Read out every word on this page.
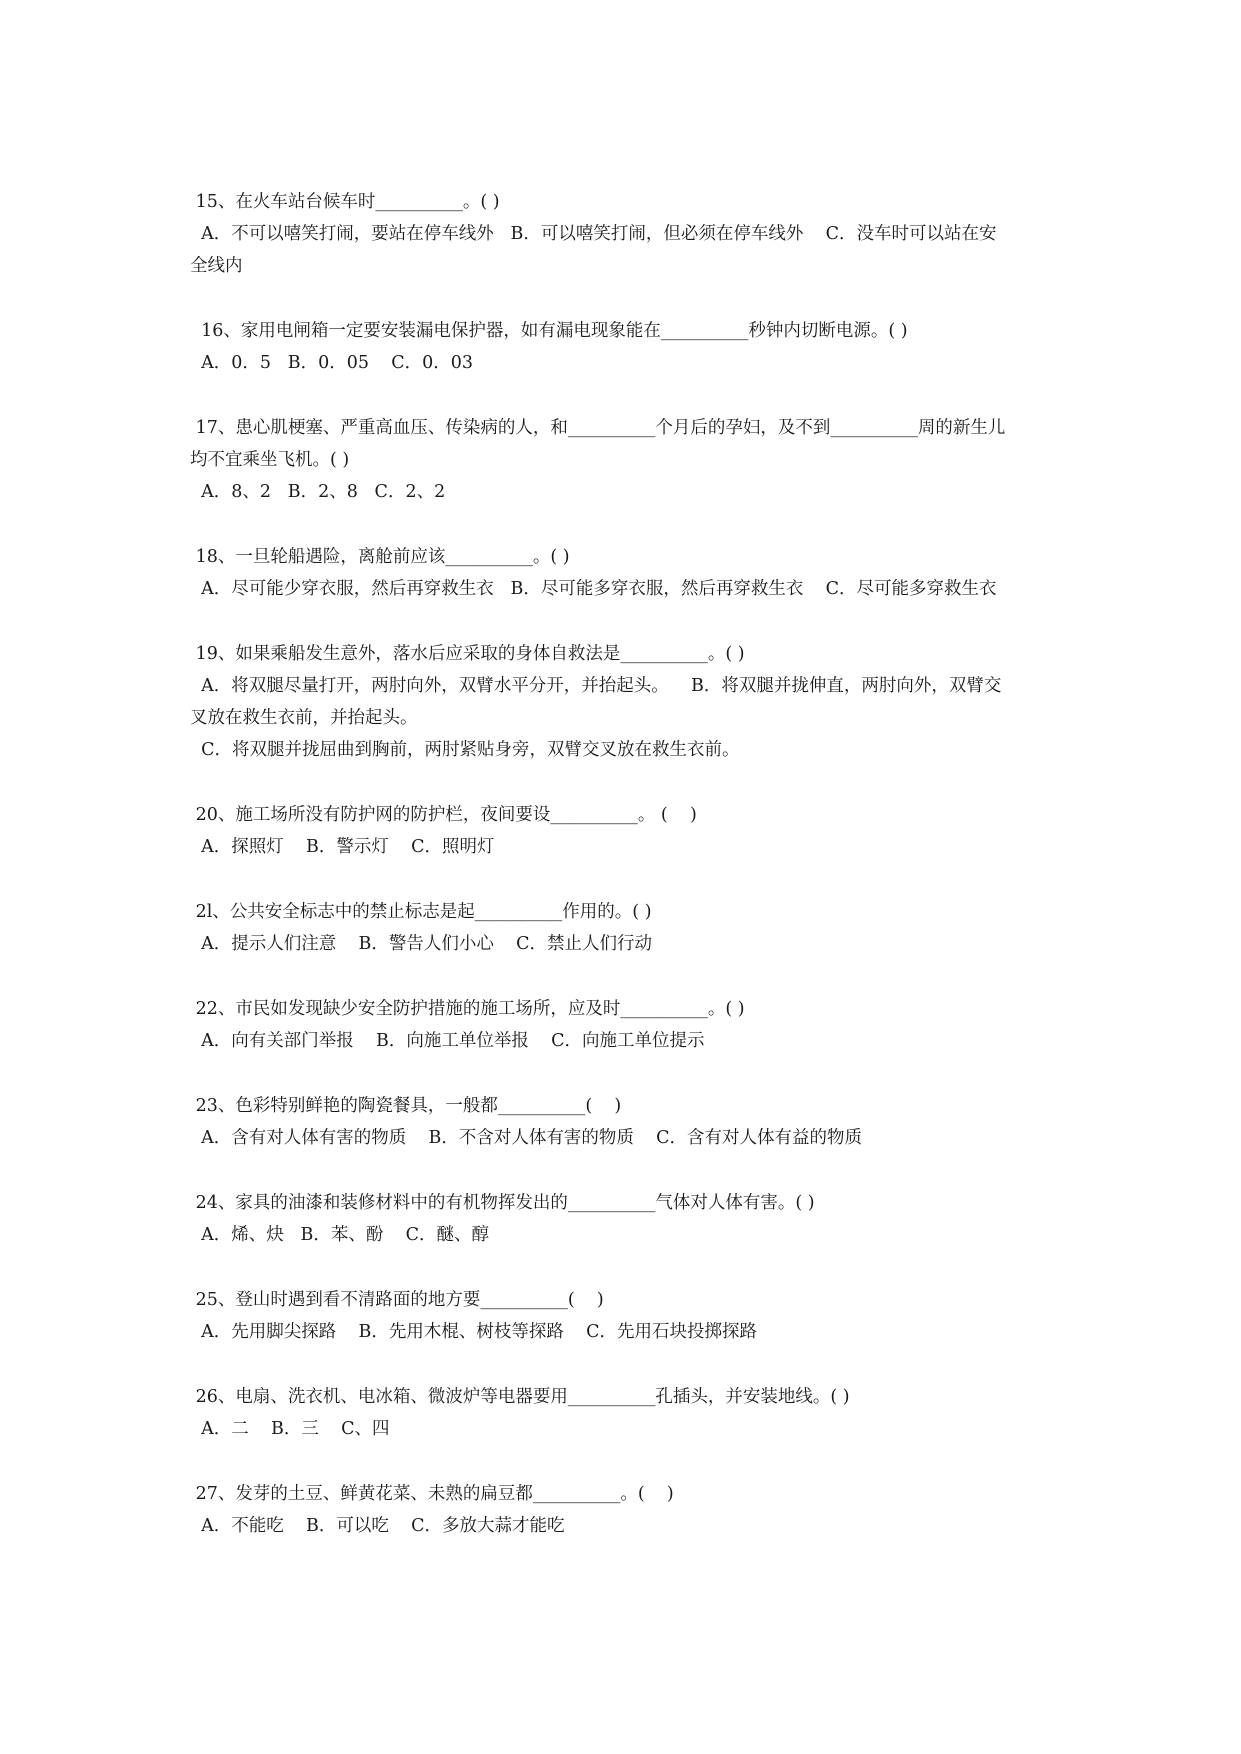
15、在火车站台候车时__________。( )

A．不可以嘻笑打闹，要站在停车线外   B．可以嘻笑打闹，但必须在停车线外    C．没车时可以站在安

全线内

16、家用电闸箱一定要安装漏电保护器，如有漏电现象能在__________秒钟内切断电源。( )

A．0．5   B．0．05    C．0．03

17、患心肌梗塞、严重高血压、传染病的人，和__________个月后的孕妇，及不到__________周的新生儿

均不宜乘坐飞机。( )

A．8、2   B．2、8   C．2、2

18、一旦轮船遇险，离舱前应该__________。( )

A．尽可能少穿衣服，然后再穿救生衣   B．尽可能多穿衣服，然后再穿救生衣    C．尽可能多穿救生衣

19、如果乘船发生意外，落水后应采取的身体自救法是__________。( )

A．将双腿尽量打开，两肘向外，双臂水平分开，并抬起头。    B．将双腿并拢伸直，两肘向外，双臂交

叉放在救生衣前，并抬起头。

C．将双腿并拢屈曲到胸前，两肘紧贴身旁，双臂交叉放在救生衣前。

20、施工场所没有防护网的防护栏，夜间要设__________。 (    )

A．探照灯    B．警示灯    C．照明灯

2l、公共安全标志中的禁止标志是起__________作用的。( )

A．提示人们注意    B．警告人们小心    C．禁止人们行动

22、市民如发现缺少安全防护措施的施工场所，应及时__________。( )

A．向有关部门举报    B．向施工单位举报    C．向施工单位提示

23、色彩特别鲜艳的陶瓷餐具，一般都__________(    )

A．含有对人体有害的物质    B．不含对人体有害的物质    C．含有对人体有益的物质

24、家具的油漆和装修材料中的有机物挥发出的__________气体对人体有害。( )

A．烯、炔   B．苯、酚    C．醚、醇

25、登山时遇到看不清路面的地方要__________(    )

A．先用脚尖探路    B．先用木棍、树枝等探路    C．先用石块投掷探路

26、电扇、洗衣机、电冰箱、微波炉等电器要用__________孔插头，并安装地线。( )

A．二    B．三    C、四

27、发芽的土豆、鲜黄花菜、未熟的扁豆都__________。(    )

A．不能吃    B．可以吃    C．多放大蒜才能吃
